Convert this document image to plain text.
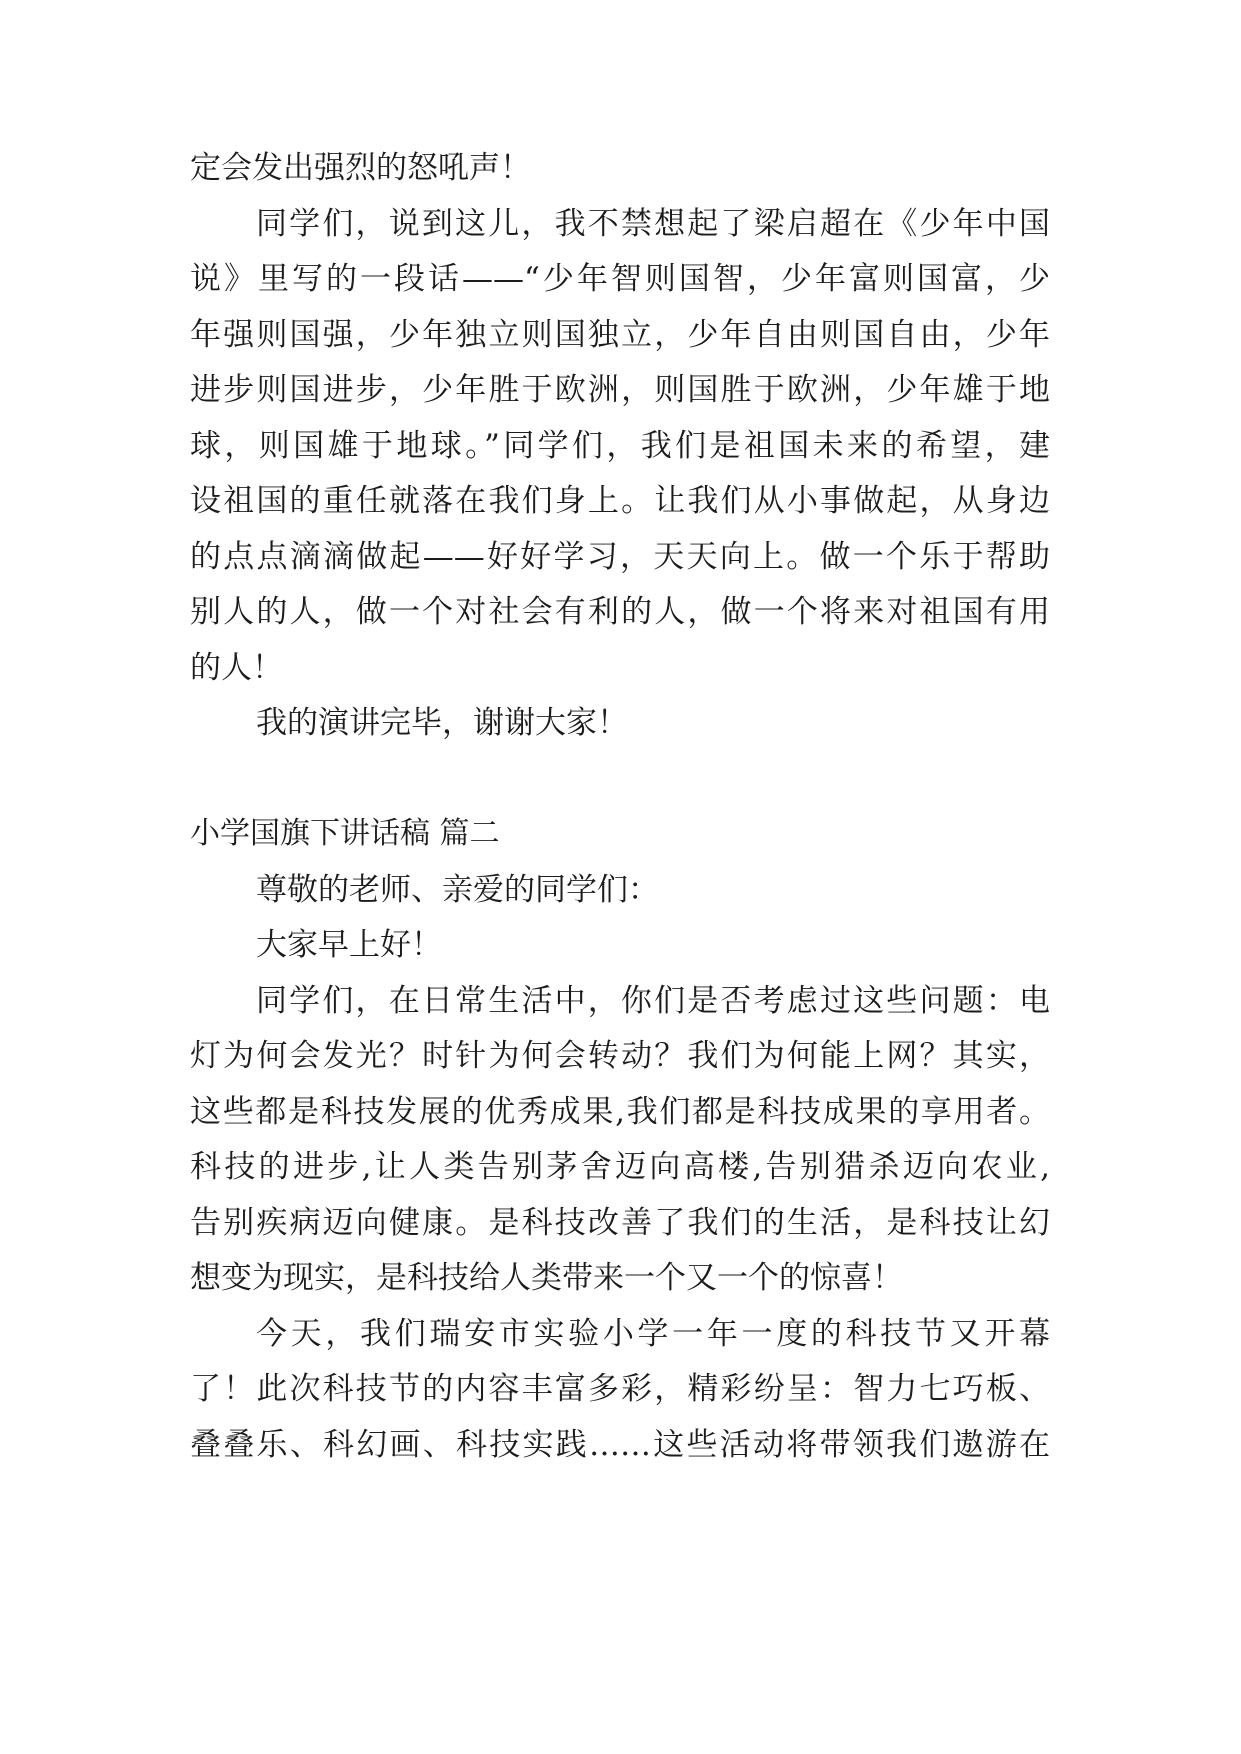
定会发出强烈的怒吼声！
同学们，说到这儿，我不禁想起了梁启超在《少年中国
说》里写的一段话——“少年智则国智，少年富则国富，少
年强则国强，少年独立则国独立，少年自由则国自由，少年
进步则国进步，少年胜于欧洲，则国胜于欧洲，少年雄于地
球，则国雄于地球。”同学们，我们是祖国未来的希望，建
设祖国的重任就落在我们身上。让我们从小事做起，从身边
的点点滴滴做起——好好学习，天天向上。做一个乐于帮助
别人的人，做一个对社会有利的人，做一个将来对祖国有用
的人！
我的演讲完毕，谢谢大家！
小学国旗下讲话稿 篇二
尊敬的老师、亲爱的同学们：
大家早上好！
同学们，在日常生活中，你们是否考虑过这些问题：电
灯为何会发光？时针为何会转动？我们为何能上网？其实，
这些都是科技发展的优秀成果,我们都是科技成果的享用者。
科技的进步,让人类告别茅舍迈向高楼,告别猎杀迈向农业,
告别疾病迈向健康。是科技改善了我们的生活，是科技让幻
想变为现实，是科技给人类带来一个又一个的惊喜！
今天，我们瑞安市实验小学一年一度的科技节又开幕
了！此次科技节的内容丰富多彩，精彩纷呈：智力七巧板、
叠叠乐、科幻画、科技实践……这些活动将带领我们遨游在
